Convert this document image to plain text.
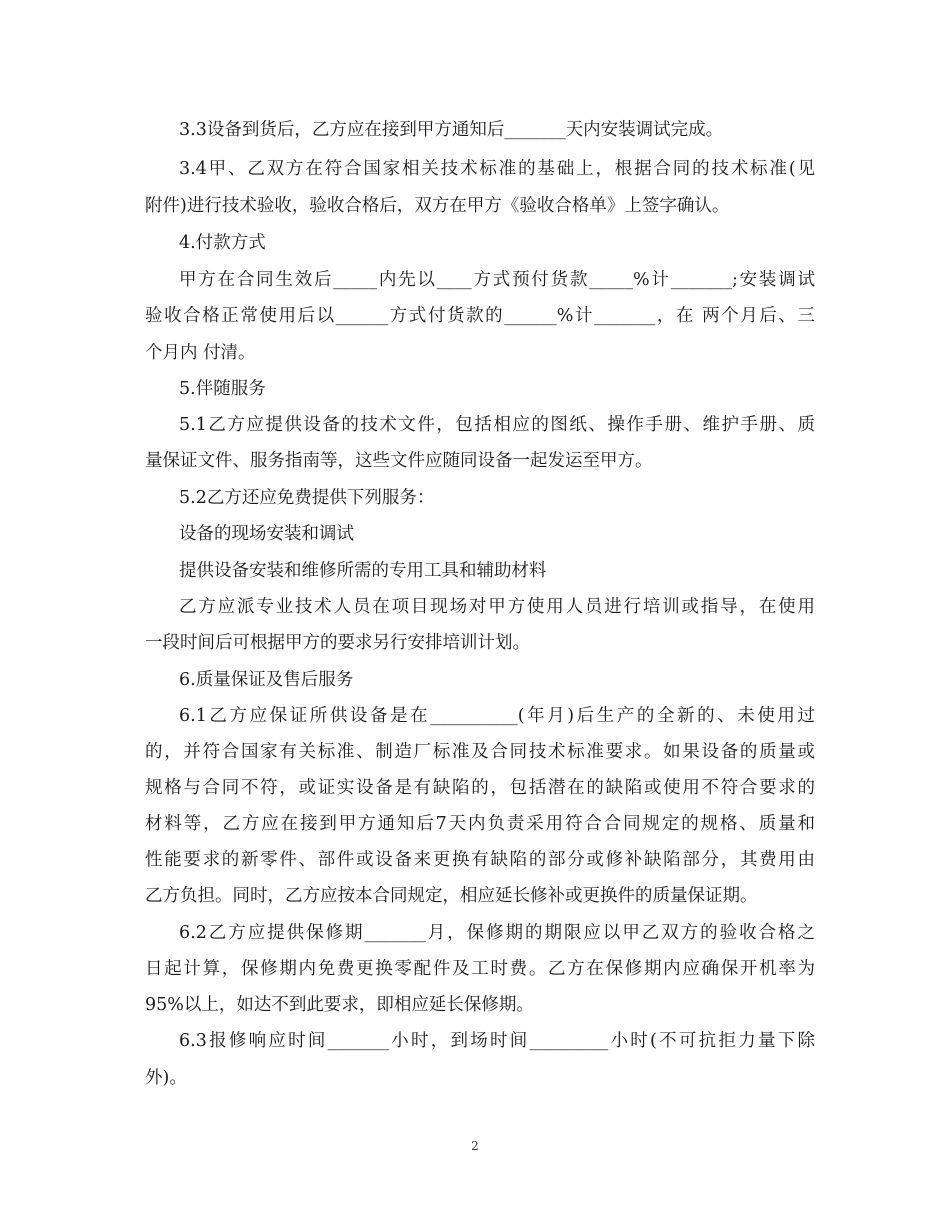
3.3设备到货后，乙方应在接到甲方通知后_______天内安装调试完成。
3.4甲、乙双方在符合国家相关技术标准的基础上，根据合同的技术标准(见
附件)进行技术验收，验收合格后，双方在甲方《验收合格单》上签字确认。
4.付款方式
甲方在合同生效后_____内先以____方式预付货款_____%计_______;安装调试
验收合格正常使用后以______方式付货款的______%计_______，在 两个月后、三
个月内 付清。
5.伴随服务
5.1乙方应提供设备的技术文件，包括相应的图纸、操作手册、维护手册、质
量保证文件、服务指南等，这些文件应随同设备一起发运至甲方。
5.2乙方还应免费提供下列服务：
设备的现场安装和调试
提供设备安装和维修所需的专用工具和辅助材料
乙方应派专业技术人员在项目现场对甲方使用人员进行培训或指导，在使用
一段时间后可根据甲方的要求另行安排培训计划。
6.质量保证及售后服务
6.1乙方应保证所供设备是在__________(年月)后生产的全新的、未使用过
的，并符合国家有关标准、制造厂标准及合同技术标准要求。如果设备的质量或
规格与合同不符，或证实设备是有缺陷的，包括潜在的缺陷或使用不符合要求的
材料等，乙方应在接到甲方通知后7天内负责采用符合合同规定的规格、质量和
性能要求的新零件、部件或设备来更换有缺陷的部分或修补缺陷部分，其费用由
乙方负担。同时，乙方应按本合同规定，相应延长修补或更换件的质量保证期。
6.2乙方应提供保修期_______月，保修期的期限应以甲乙双方的验收合格之
日起计算，保修期内免费更换零配件及工时费。乙方在保修期内应确保开机率为
95%以上，如达不到此要求，即相应延长保修期。
6.3报修响应时间_______小时，到场时间_________小时(不可抗拒力量下除
外)。
2
